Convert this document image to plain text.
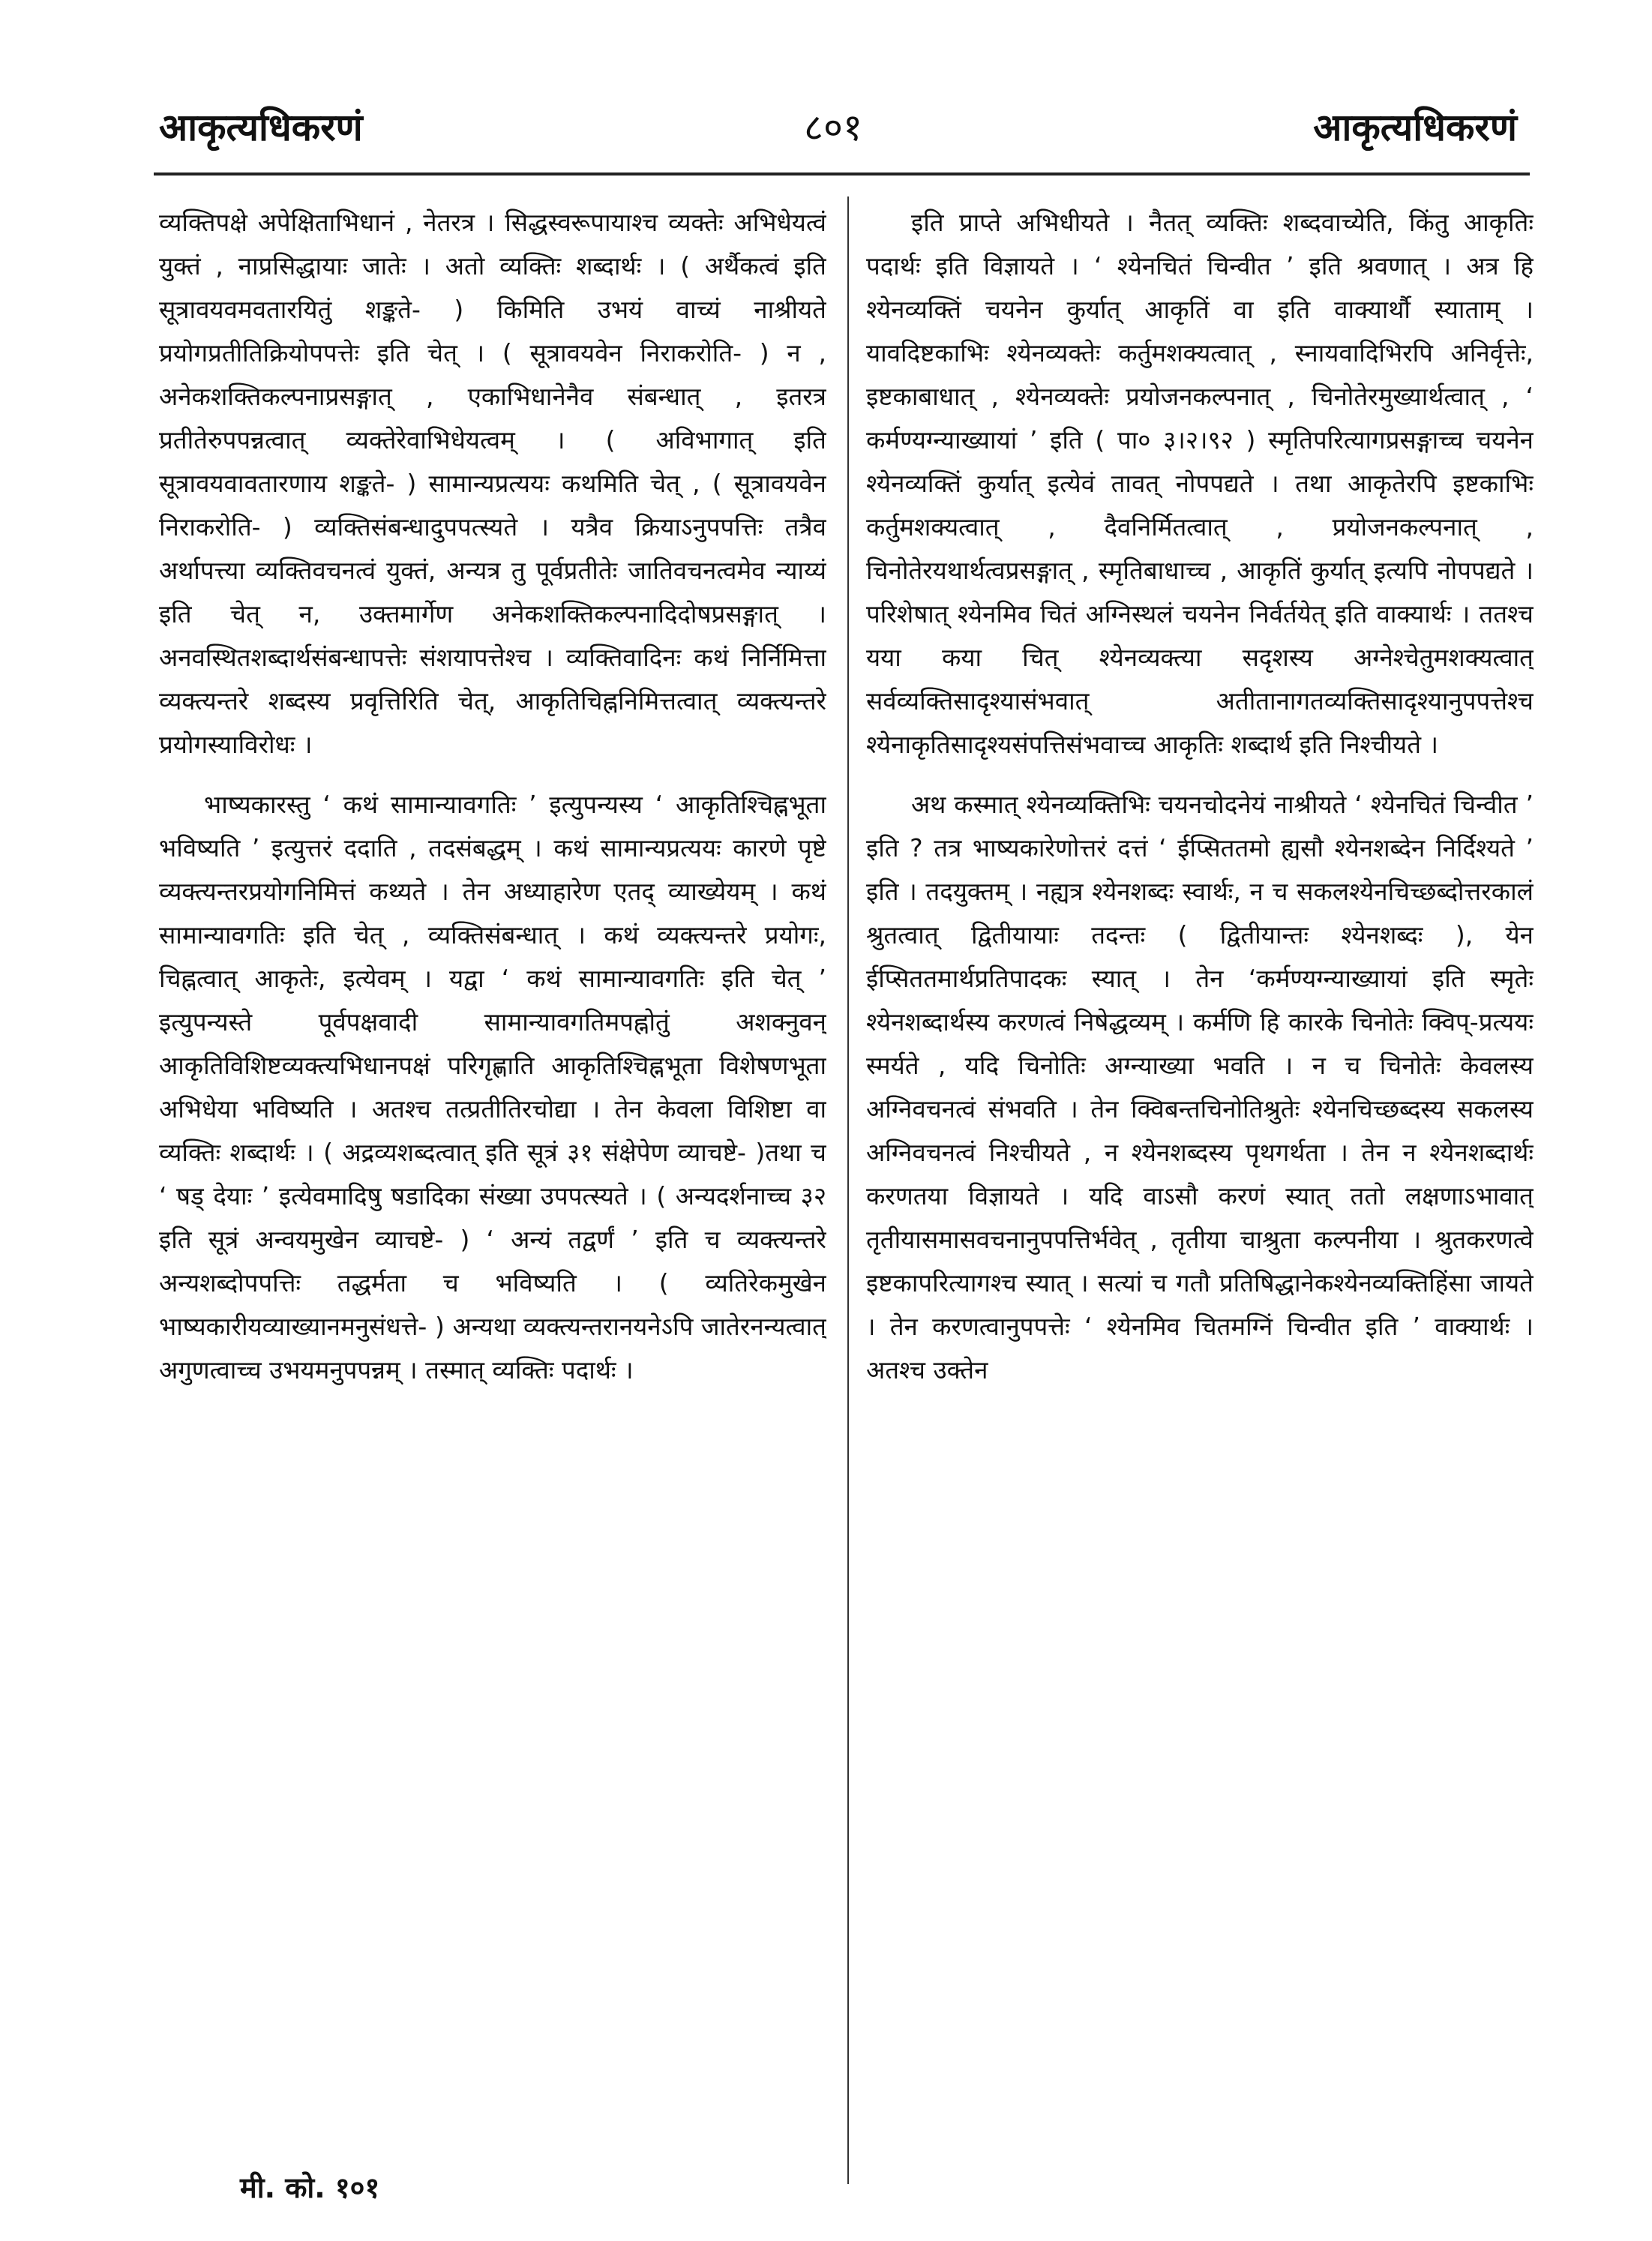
आकृत्यधिकरणं	८०१	आकृत्यधिकरणं

व्यक्तिपक्षे अपेक्षिताभिधानं , नेतरत्र । सिद्धस्वरूपायाश्च व्यक्तेः अभिधेयत्वं युक्तं , नाप्रसिद्धायाः जातेः । अतो व्यक्तिः शब्दार्थः । ( अर्थैकत्वं इति सूत्रावयवमवतारयितुं शङ्कते- ) किमिति उभयं वाच्यं नाश्रीयते प्रयोगप्रतीतिक्रियोपपत्तेः इति चेत् । ( सूत्रावयवेन निराकरोति- ) न , अनेकशक्तिकल्पनाप्रसङ्गात् , एकाभिधानेनैव संबन्धात् , इतरत्र प्रतीतेरुपपन्नत्वात् व्यक्तेरेवाभिधेयत्वम् । ( अविभागात् इति सूत्रावयवावतारणाय शङ्कते- ) सामान्यप्रत्ययः कथमिति चेत् , ( सूत्रावयवेन निराकरोति- ) व्यक्तिसंबन्धादुपपत्स्यते । यत्रैव क्रियाऽनुपपत्तिः तत्रैव अर्थापत्त्या व्यक्तिवचनत्वं युक्तं, अन्यत्र तु पूर्वप्रतीतेः जातिवचनत्वमेव न्याय्यं इति चेत् न, उक्तमार्गेण अनेकशक्तिकल्पनादिदोषप्रसङ्गात् । अनवस्थितशब्दार्थसंबन्धापत्तेः संशयापत्तेश्च । व्यक्तिवादिनः कथं निर्निमित्ता व्यक्त्यन्तरे शब्दस्य प्रवृत्तिरिति चेत्, आकृतिचिह्ननिमित्तत्वात् व्यक्त्यन्तरे प्रयोगस्याविरोधः ।

भाष्यकारस्तु ‘ कथं सामान्यावगतिः ’ इत्युपन्यस्य ‘ आकृतिश्चिह्नभूता भविष्यति ’ इत्युत्तरं ददाति , तदसंबद्धम् । कथं सामान्यप्रत्ययः कारणे पृष्टे व्यक्त्यन्तरप्रयोगनिमित्तं कथ्यते । तेन अध्याहारेण एतद् व्याख्येयम् । कथं सामान्यावगतिः इति चेत् , व्यक्तिसंबन्धात् । कथं व्यक्त्यन्तरे प्रयोगः, चिह्नत्वात् आकृतेः, इत्येवम् । यद्वा ‘ कथं सामान्यावगतिः इति चेत् ’ इत्युपन्यस्ते पूर्वपक्षवादी सामान्यावगतिमपह्नोतुं अशक्नुवन् आकृतिविशिष्टव्यक्त्यभिधानपक्षं परिगृह्णाति आकृतिश्चिह्नभूता विशेषणभूता अभिधेया भविष्यति । अतश्च तत्प्रतीतिरचोद्या । तेन केवला विशिष्टा वा व्यक्तिः शब्दार्थः । ( अद्रव्यशब्दत्वात् इति सूत्रं ३१ संक्षेपेण व्याचष्टे- )तथा च ‘ षड् देयाः ’ इत्येवमादिषु षडादिका संख्या उपपत्स्यते । ( अन्यदर्शनाच्च ३२ इति सूत्रं अन्वयमुखेन व्याचष्टे- ) ‘ अन्यं तद्वर्णं ’ इति च व्यक्त्यन्तरे अन्यशब्दोपपत्तिः तद्धर्मता च भविष्यति । ( व्यतिरेकमुखेन भाष्यकारीयव्याख्यानमनुसंधत्ते- ) अन्यथा व्यक्त्यन्तरानयनेऽपि जातेरनन्यत्वात् अगुणत्वाच्च उभयमनुपपन्नम् । तस्मात् व्यक्तिः पदार्थः ।

इति प्राप्ते अभिधीयते । नैतत् व्यक्तिः शब्दवाच्येति, किंतु आकृतिः पदार्थः इति विज्ञायते । ‘ श्येनचितं चिन्वीत ’ इति श्रवणात् । अत्र हि श्येनव्यक्तिं चयनेन कुर्यात् आकृतिं वा इति वाक्यार्थौ स्याताम् । यावदिष्टकाभिः श्येनव्यक्तेः कर्तुमशक्यत्वात् , स्नायवादिभिरपि अनिर्वृत्तेः, इष्टकाबाधात् , श्येनव्यक्तेः प्रयोजनकल्पनात् , चिनोतेरमुख्यार्थत्वात् , ‘ कर्मण्यग्न्याख्यायां ’ इति ( पा० ३।२।९२ ) स्मृतिपरित्यागप्रसङ्गाच्च चयनेन श्येनव्यक्तिं कुर्यात् इत्येवं तावत् नोपपद्यते । तथा आकृतेरपि इष्टकाभिः कर्तुमशक्यत्वात् , दैवनिर्मितत्वात् , प्रयोजनकल्पनात् , चिनोतेरयथार्थत्वप्रसङ्गात् , स्मृतिबाधाच्च , आकृतिं कुर्यात् इत्यपि नोपपद्यते । परिशेषात् श्येनमिव चितं अग्निस्थलं चयनेन निर्वर्तयेत् इति वाक्यार्थः । ततश्च यया कया चित् श्येनव्यक्त्या सदृशस्य अग्नेश्चेतुमशक्यत्वात् सर्वव्यक्तिसादृश्यासंभवात् अतीतानागतव्यक्तिसादृश्यानुपपत्तेश्च श्येनाकृतिसादृश्यसंपत्तिसंभवाच्च आकृतिः शब्दार्थ इति निश्चीयते ।

अथ कस्मात् श्येनव्यक्तिभिः चयनचोदनेयं नाश्रीयते ‘ श्येनचितं चिन्वीत ’ इति ? तत्र भाष्यकारेणोत्तरं दत्तं ‘ ईप्सिततमो ह्यसौ श्येनशब्देन निर्दिश्यते ’ इति । तदयुक्तम् । नह्यत्र श्येनशब्दः स्वार्थः, न च सकलश्येनचिच्छब्दोत्तरकालं श्रुतत्वात् द्वितीयायाः तदन्तः ( द्वितीयान्तः श्येनशब्दः ), येन ईप्सिततमार्थप्रतिपादकः स्यात् । तेन ‘कर्मण्यग्न्याख्यायां इति स्मृतेः श्येनशब्दार्थस्य करणत्वं निषेद्धव्यम् । कर्मणि हि कारके चिनोतेः क्विप्-प्रत्ययः स्मर्यते , यदि चिनोतिः अग्न्याख्या भवति । न च चिनोतेः केवलस्य अग्निवचनत्वं संभवति । तेन क्विबन्तचिनोतिश्रुतेः श्येनचिच्छब्दस्य सकलस्य अग्निवचनत्वं निश्चीयते , न श्येनशब्दस्य पृथगर्थता । तेन न श्येनशब्दार्थः करणतया विज्ञायते । यदि वाऽसौ करणं स्यात् ततो लक्षणाऽभावात् तृतीयासमासवचनानुपपत्तिर्भवेत् , तृतीया चाश्रुता कल्पनीया । श्रुतकरणत्वे इष्टकापरित्यागश्च स्यात् । सत्यां च गतौ प्रतिषिद्धानेकश्येनव्यक्तिहिंसा जायते । तेन करणत्वानुपपत्तेः ‘ श्येनमिव चितमग्निं चिन्वीत इति ’ वाक्यार्थः । अतश्च उक्तेन

मी. को. १०१
